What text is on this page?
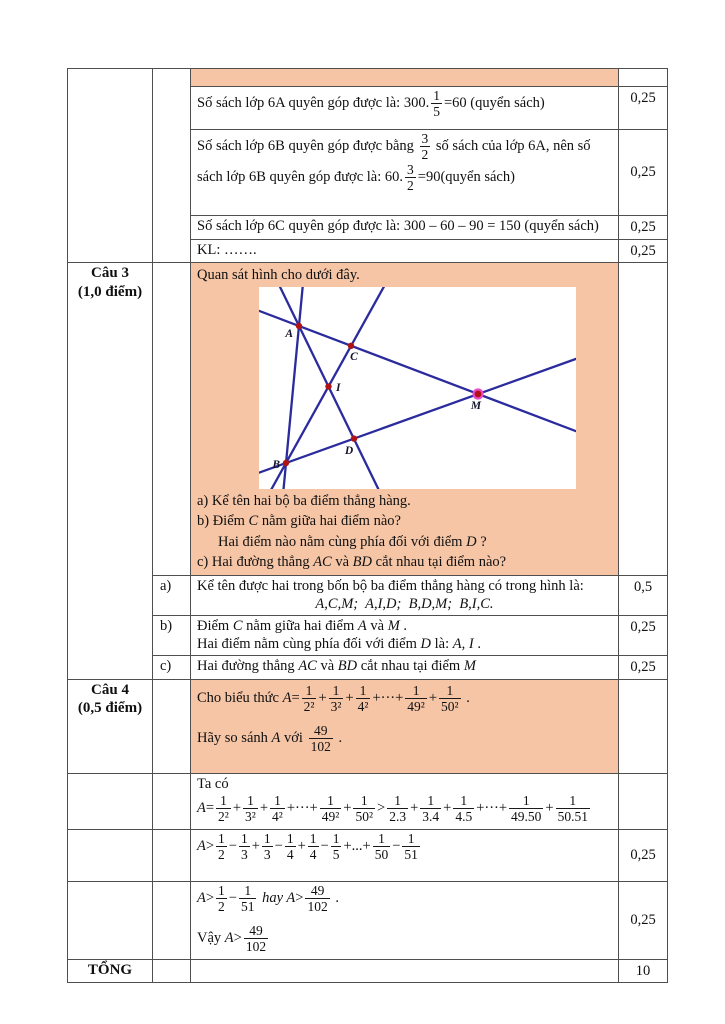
		Số sách lớp 6A quyên góp được là: 300. $\frac{1}{5} =60$ (quyển sách)	0,25
Số sách lớp 6B quyên góp được bằng $\frac{3}{2}$ số sách của lớp 6A, nên số
sách lớp 6B quyên góp được là: 60. $\frac{3}{2}$ =90(quyển sách)	0,25
		Số sách lớp 6C quyên góp được là: 300 – 60 – 90 = 150 (quyển sách)	0,25
		KL: …….	0,25

Câu 3
(1,0 điểm)

Quan sát hình cho dưới đây.
A
C
I
M
B
D
a) Kể tên hai bộ ba điểm thẳng hàng.
b) Điểm C nằm giữa hai điểm nào?
Hai điểm nào nằm cùng phía đối với điểm D ?
c) Hai đường thẳng AC và BD cắt nhau tại điểm nào?

	a)	Kể tên được hai trong bốn bộ ba điểm thẳng hàng có trong hình là:
A,C,M;  A,I,D;  B,D,M;  B,I,C.	0,5
	b)	Điểm C nằm giữa hai điểm A và M .
Hai điểm nằm cùng phía đối với điểm D là: A, I .	0,25
	c)	Hai đường thẳng AC và BD cắt nhau tại điểm M	0,25

Câu 4
(0,5 điểm)

Cho biểu thức $A= \frac{1}{\text{2²}} + \frac{1}{\text{3²}} + \frac{1}{\text{4²}}$ +···+ $\frac{1}{\text{49²}} + \frac{1}{\text{50²}}$ .
Hãy so sánh A với $\frac{49}{102}$ .

Ta có
$A= \frac{1}{\text{2²}} + \frac{1}{\text{3²}} + \frac{1}{\text{4²}}$ +···+ $\frac{1}{\text{49²}} + \frac{1}{\text{50²}} > \frac{1}{2.3} + \frac{1}{3.4} + \frac{1}{4.5}$ +···+ $\frac{1}{49.50} + \frac{1}{50.51}$

		$A> \frac{1}{2} - \frac{1}{3} + \frac{1}{3} - \frac{1}{4} + \frac{1}{4} - \frac{1}{5}$ +...+ $\frac{1}{50} - \frac{1}{51}$	0,25

$A> \frac{1}{2} - \frac{1}{51}$ hay $A> \frac{49}{102}$ .
Vậy $A> \frac{49}{102}$
	0,25
TỔNG			10
